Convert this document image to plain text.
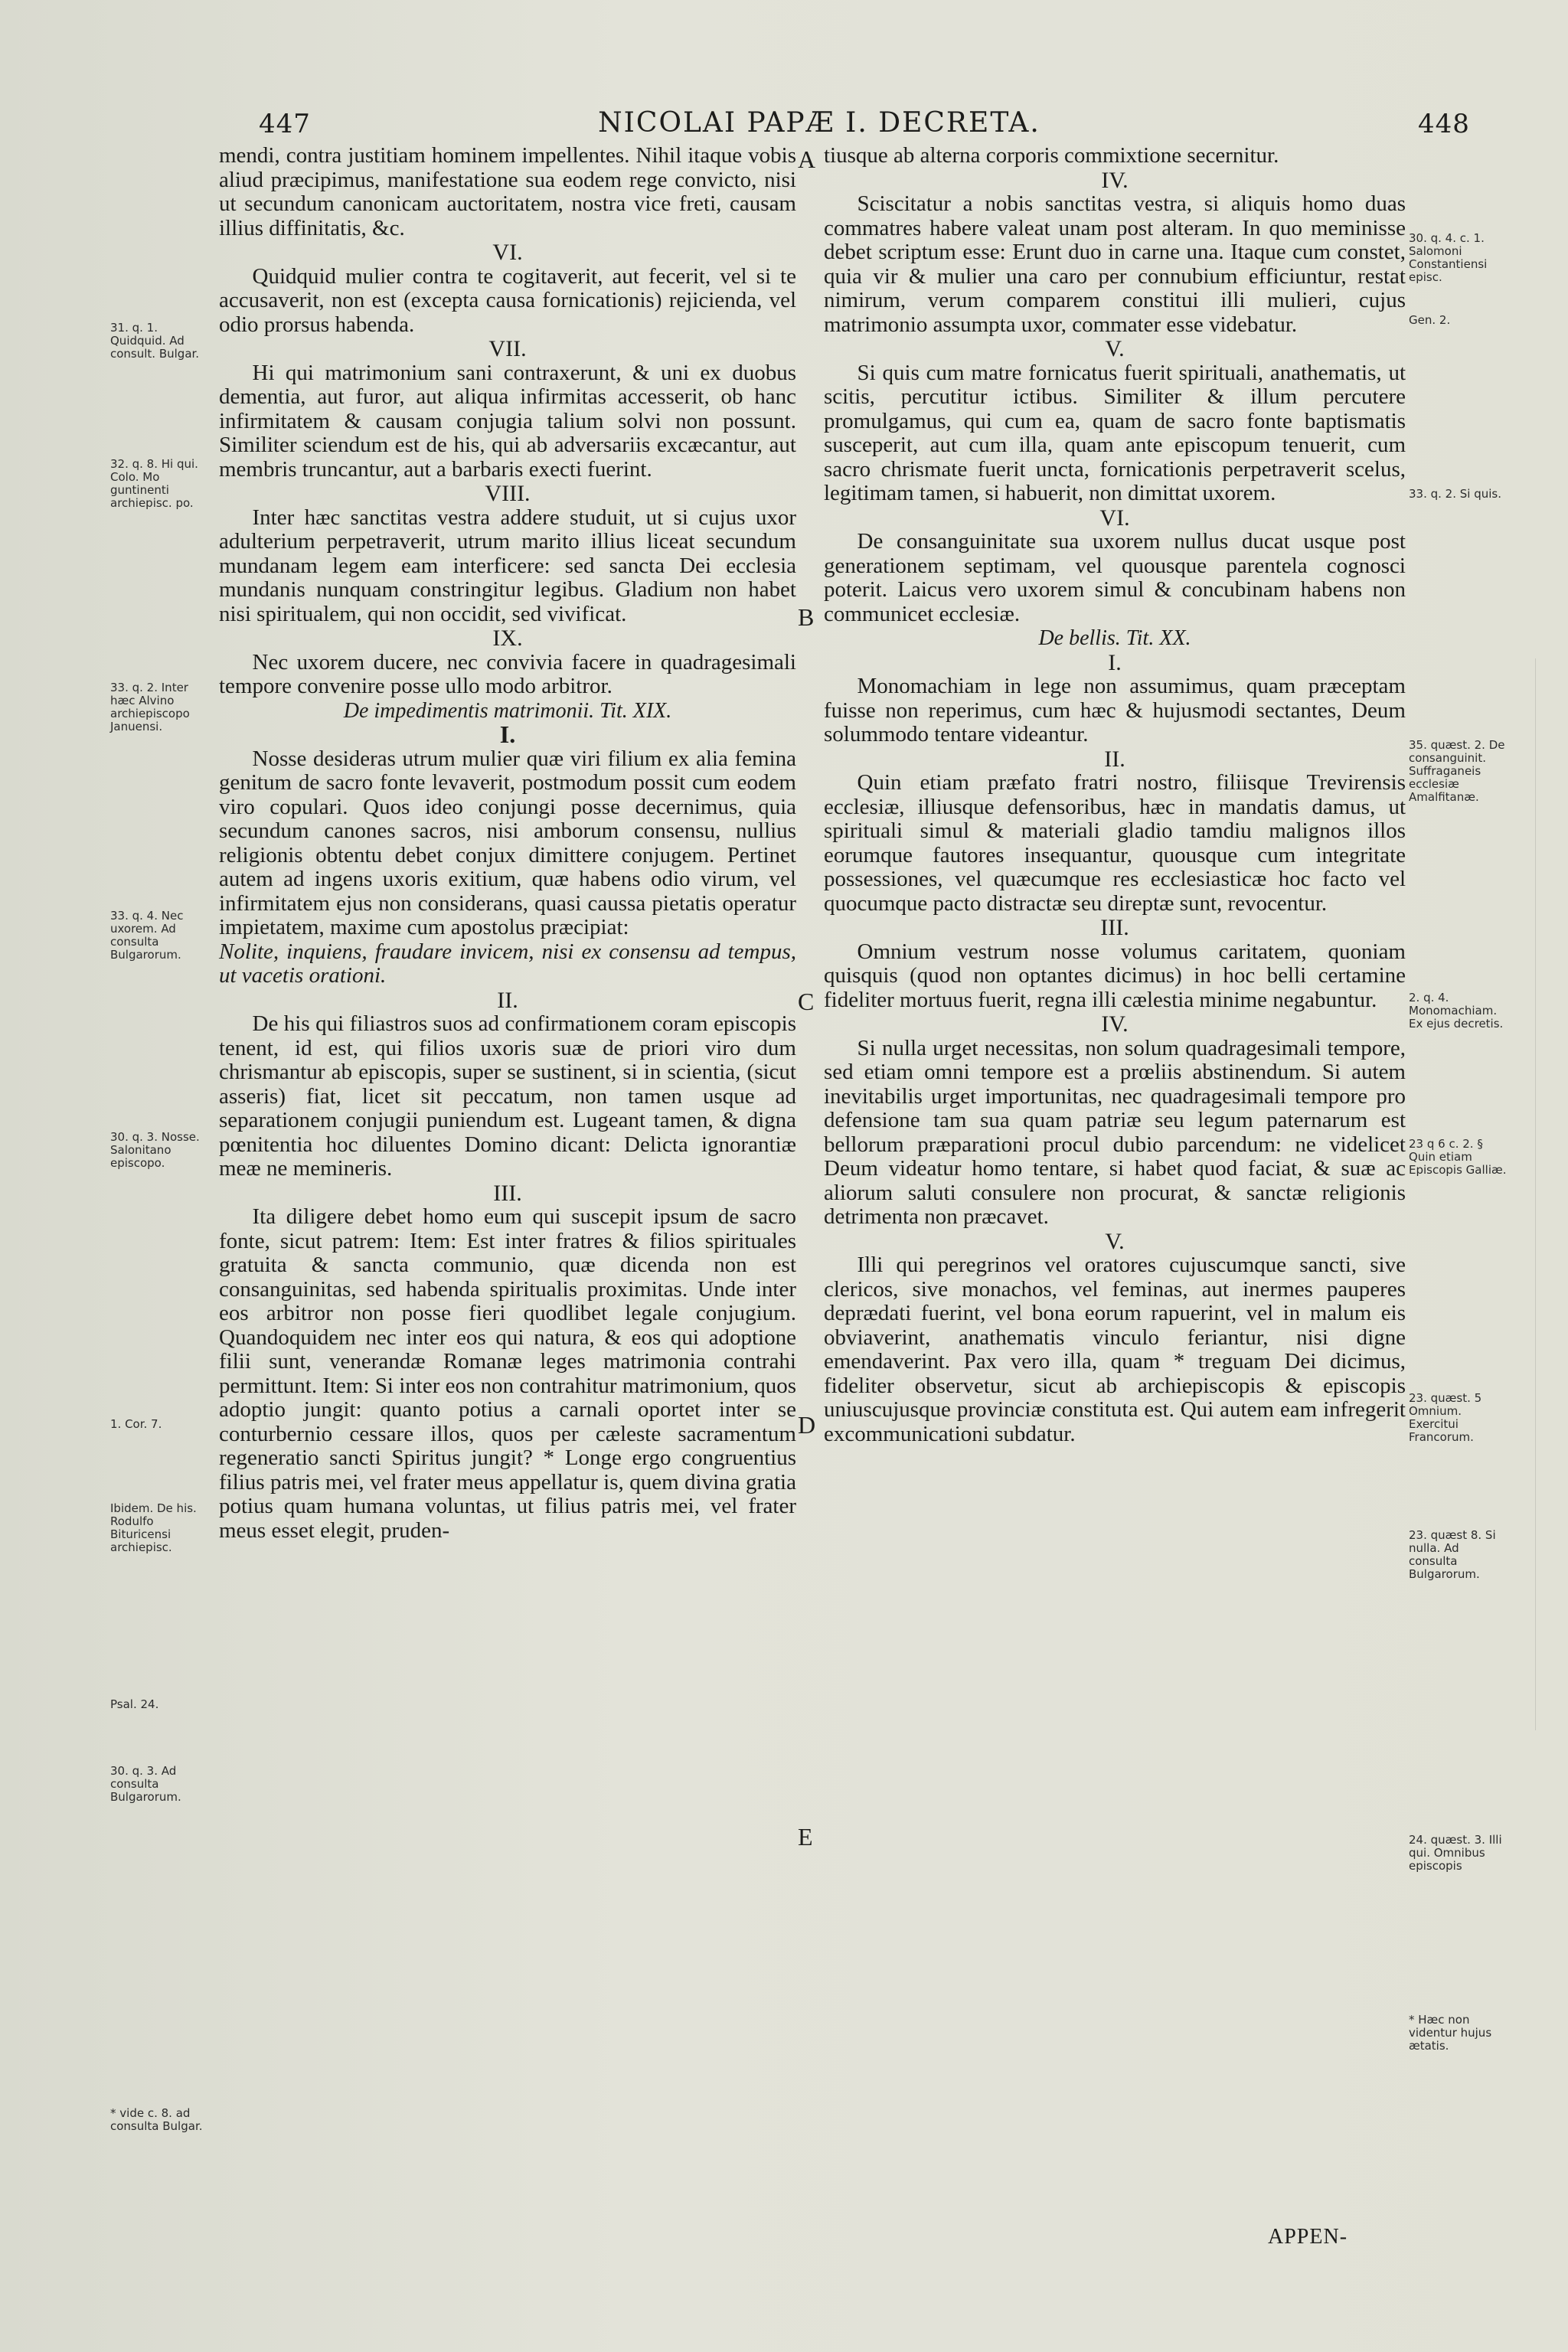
447	NICOLAI PAPÆ I. DECRETA.	448

mendi, contra justitiam hominem impellentes. Nihil itaque vobis aliud præcipimus, manifestatione sua eodem rege convicto, nisi ut secundum canonicam auctoritatem, nostra vice freti, causam illius diffinitatis, &c.

VI.

Quidquid mulier contra te cogitaverit, aut fecerit, vel si te accusaverit, non est (excepta causa fornicationis) rejicienda, vel odio prorsus habenda.

VII.

Hi qui matrimonium sani contraxerunt, & uni ex duobus dementia, aut furor, aut aliqua infirmitas accesserit, ob hanc infirmitatem & causam conjugia talium solvi non possunt. Similiter sciendum est de his, qui ab adversariis excæcantur, aut membris truncantur, aut a barbaris execti fuerint.

VIII.

Inter hæc sanctitas vestra addere studuit, ut si cujus uxor adulterium perpetraverit, utrum marito illius liceat secundum mundanam legem eam interficere: sed sancta Dei ecclesia mundanis nunquam constringitur legibus. Gladium non habet nisi spiritualem, qui non occidit, sed vivificat.

IX.

Nec uxorem ducere, nec convivia facere in quadragesimali tempore convenire posse ullo modo arbitror.

De impedimentis matrimonii. Tit. XIX.

I.

Nosse desideras utrum mulier quæ viri filium ex alia femina genitum de sacro fonte levaverit, postmodum possit cum eodem viro copulari. Quos ideo conjungi posse decernimus, quia secundum canones sacros, nisi amborum consensu, nullius religionis obtentu debet conjux dimittere conjugem. Pertinet autem ad ingens uxoris exitium, quæ habens odio virum, vel infirmitatem ejus non considerans, quasi caussa pietatis operatur impietatem, maxime cum apostolus præcipiat:

Nolite, inquiens, fraudare invicem, nisi ex consensu ad tempus, ut vacetis orationi.

II.

De his qui filiastros suos ad confirmationem coram episcopis tenent, id est, qui filios uxoris suæ de priori viro dum chrismantur ab episcopis, super se sustinent, si in scientia, (sicut asseris) fiat, licet sit peccatum, non tamen usque ad separationem conjugii puniendum est. Lugeant tamen, & digna pœnitentia hoc diluentes Domino dicant: Delicta ignorantiæ meæ ne memineris.

III.

Ita diligere debet homo eum qui suscepit ipsum de sacro fonte, sicut patrem: Item: Est inter fratres & filios spirituales gratuita & sancta communio, quæ dicenda non est consanguinitas, sed habenda spiritualis proximitas. Unde inter eos arbitror non posse fieri quodlibet legale conjugium. Quandoquidem nec inter eos qui natura, & eos qui adoptione filii sunt, venerandæ Romanæ leges matrimonia contrahi permittunt. Item: Si inter eos non contrahitur matrimonium, quos adoptio jungit: quanto potius a carnali oportet inter se conturbernio cessare illos, quos per cæleste sacramentum regeneratio sancti Spiritus jungit? * Longe ergo congruentius filius patris mei, vel frater meus appellatur is, quem divina gratia potius quam humana voluntas, ut filius patris mei, vel frater meus esset elegit, pruden-

tiusque ab alterna corporis commixtione secernitur.

IV.

Sciscitatur a nobis sanctitas vestra, si aliquis homo duas commatres habere valeat unam post alteram. In quo meminisse debet scriptum esse: Erunt duo in carne una. Itaque cum constet, quia vir & mulier una caro per connubium efficiuntur, restat nimirum, verum comparem constitui illi mulieri, cujus matrimonio assumpta uxor, commater esse videbatur.

V.

Si quis cum matre fornicatus fuerit spirituali, anathematis, ut scitis, percutitur ictibus. Similiter & illum percutere promulgamus, qui cum ea, quam de sacro fonte baptismatis susceperit, aut cum illa, quam ante episcopum tenuerit, cum sacro chrismate fuerit uncta, fornicationis perpetraverit scelus, legitimam tamen, si habuerit, non dimittat uxorem.

VI.

De consanguinitate sua uxorem nullus ducat usque post generationem septimam, vel quousque parentela cognosci poterit. Laicus vero uxorem simul & concubinam habens non communicet ecclesiæ.

De bellis. Tit. XX.

I.

Monomachiam in lege non assumimus, quam præceptam fuisse non reperimus, cum hæc & hujusmodi sectantes, Deum solummodo tentare videantur.

II.

Quin etiam præfato fratri nostro, filiisque Trevirensis ecclesiæ, illiusque defensoribus, hæc in mandatis damus, ut spirituali simul & materiali gladio tamdiu malignos illos eorumque fautores insequantur, quousque cum integritate possessiones, vel quæcumque res ecclesiasticæ hoc facto vel quocumque pacto distractæ seu direptæ sunt, revocentur.

III.

Omnium vestrum nosse volumus caritatem, quoniam quisquis (quod non optantes dicimus) in hoc belli certamine fideliter mortuus fuerit, regna illi cælestia minime negabuntur.

IV.

Si nulla urget necessitas, non solum quadragesimali tempore, sed etiam omni tempore est a prœliis abstinendum. Si autem inevitabilis urget importunitas, nec quadragesimali tempore pro defensione tam sua quam patriæ seu legum paternarum est bellorum præparationi procul dubio parcendum: ne videlicet Deum videatur homo tentare, si habet quod faciat, & suæ ac aliorum saluti consulere non procurat, & sanctæ religionis detrimenta non præcavet.

V.

Illi qui peregrinos vel oratores cujuscumque sancti, sive clericos, sive monachos, vel feminas, aut inermes pauperes deprædati fuerint, vel bona eorum rapuerint, vel in malum eis obviaverint, anathematis vinculo feriantur, nisi digne emendaverint. Pax vero illa, quam * treguam Dei dicimus, fideliter observetur, sicut ab archiepiscopis & episcopis uniuscujusque provinciæ constituta est. Qui autem eam infregerit excommunicationi subdatur.

A
B
C
D
E
31. q. 1. Quidquid. Ad consult. Bulgar.
32. q. 8. Hi qui. Colo. Mo guntinenti archiepisc. po.
33. q. 2. Inter hæc Alvino archiepiscopo Januensi.
33. q. 4. Nec uxorem. Ad consulta Bulgarorum.
30. q. 3. Nosse. Salonitano episcopo.
1. Cor. 7.
Ibidem. De his. Rodulfo Bituricensi archiepisc.
Psal. 24.
30. q. 3. Ad consulta Bulgarorum.
* vide c. 8. ad consulta Bulgar.
30. q. 4. c. 1. Salomoni Constantiensi episc.
Gen. 2.
33. q. 2. Si quis.
35. quæst. 2. De consanguinit. Suffraganeis ecclesiæ Amalfitanæ.
2. q. 4. Monomachiam. Ex ejus decretis.
23 q 6 c. 2. § Quin etiam Episcopis Galliæ.
23. quæst. 5 Omnium. Exercitui Francorum.
23. quæst 8. Si nulla. Ad consulta Bulgarorum.
24. quæst. 3. Illi qui. Omnibus episcopis
* Hæc non videntur hujus ætatis.
APPEN-
